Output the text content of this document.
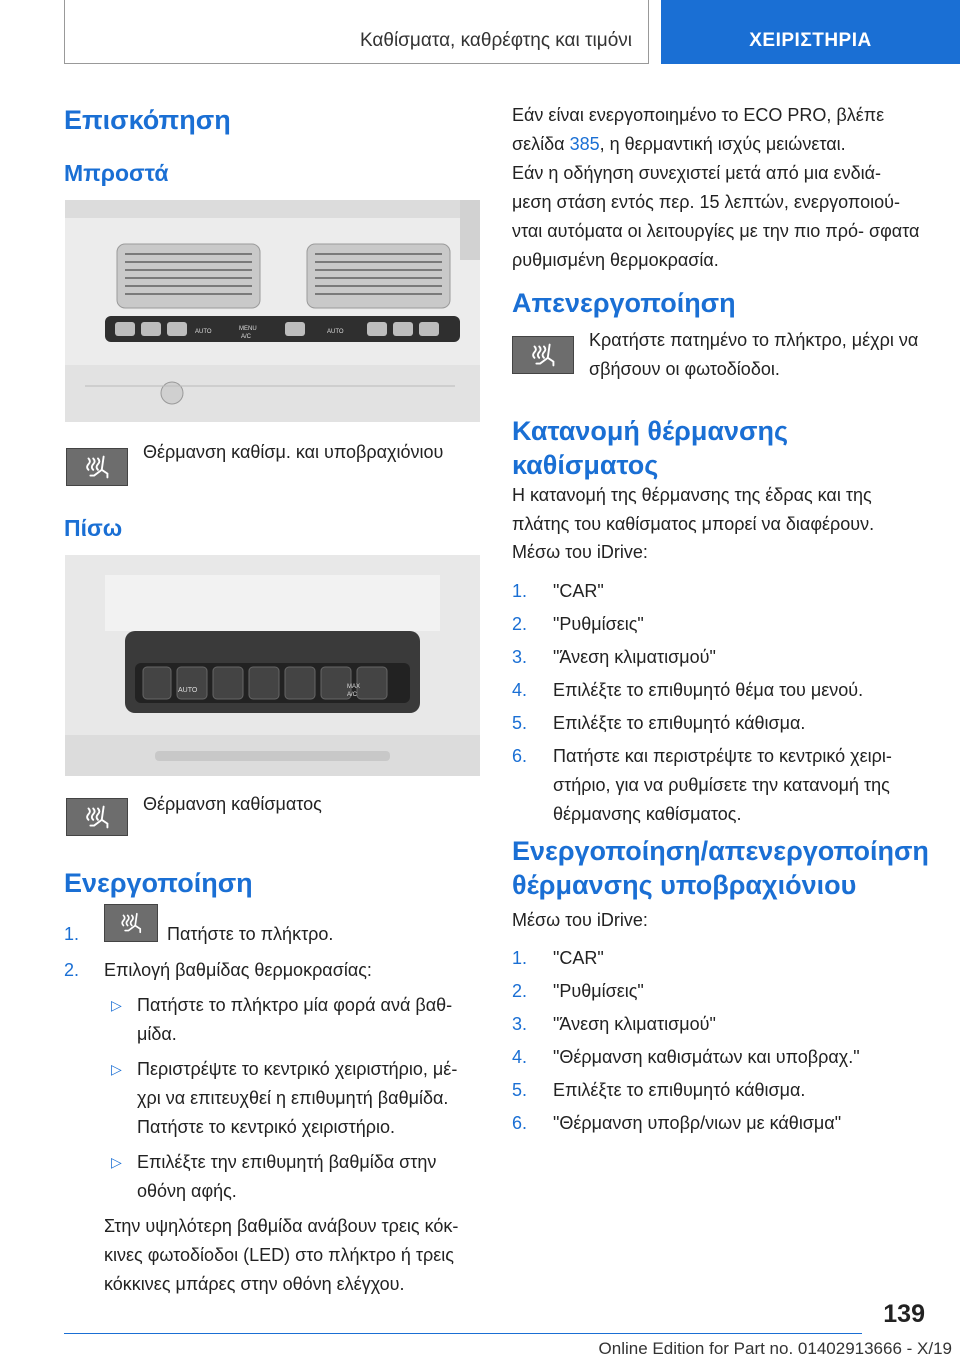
Καθίσματα, καθρέφτης και τιμόνι	ΧΕΙΡΙΣΤΗΡΙΑ
Επισκόπηση
Μπροστά
AUTO	MENU
A/C
AUTO

Θέρμανση καθίσμ. και υποβραχιόνιου

Πίσω
AUTO	MAX
A/C

Θέρμανση καθίσματος

Ενεργοποίηση
1.	Πατήστε το πλήκτρο.
2. Επιλογή βαθμίδας θερμοκρασίας:
▷ Πατήστε το πλήκτρο μία φορά ανά βαθ‐ μίδα.
▷ Περιστρέψτε το κεντρικό χειριστήριο, μέ‐ χρι να επιτευχθεί η επιθυμητή βαθμίδα. Πατήστε το κεντρικό χειριστήριο.
▷ Επιλέξτε την επιθυμητή βαθμίδα στην οθόνη αφής.

Στην υψηλότερη βαθμίδα ανάβουν τρεις κόκ‐ κινες φωτοδίοδοι (LED) στο πλήκτρο ή τρεις κόκκινες μπάρες στην οθόνη ελέγχου.

Εάν είναι ενεργοποιημένο το ECO PRO, βλέπε σελίδα 385, η θερμαντική ισχύς μειώνεται.

Εάν η οδήγηση συνεχιστεί μετά από μια ενδιά‐ μεση στάση εντός περ. 15 λεπτών, ενεργοποιού‐ νται αυτόματα οι λειτουργίες με την πιο πρό‐ σφατα ρυθμισμένη θερμοκρασία.

Απενεργοποίηση

Κρατήστε πατημένο το πλήκτρο, μέχρι να σβήσουν οι φωτοδίοδοι.

Κατανομή θέρμανσης καθίσματος

Η κατανομή της θέρμανσης της έδρας και της πλάτης του καθίσματος μπορεί να διαφέρουν.

Μέσω του iDrive:

1. "CAR"
2. "Ρυθμίσεις"
3. "Άνεση κλιματισμού"
4. Επιλέξτε το επιθυμητό θέμα του μενού.
5. Επιλέξτε το επιθυμητό κάθισμα.
6. Πατήστε και περιστρέψτε το κεντρικό χειρι‐ στήριο, για να ρυθμίσετε την κατανομή της θέρμανσης καθίσματος.
Ενεργοποίηση/απενεργοποίηση θέρμανσης υποβραχιόνιου

Μέσω του iDrive:

1. "CAR"
2. "Ρυθμίσεις"
3. "Άνεση κλιματισμού"
4. "Θέρμανση καθισμάτων και υποβραχ."
5. Επιλέξτε το επιθυμητό κάθισμα.
6. "Θέρμανση υποβρ/νιων με κάθισμα"
139
Online Edition for Part no. 01402913666 - X/19
